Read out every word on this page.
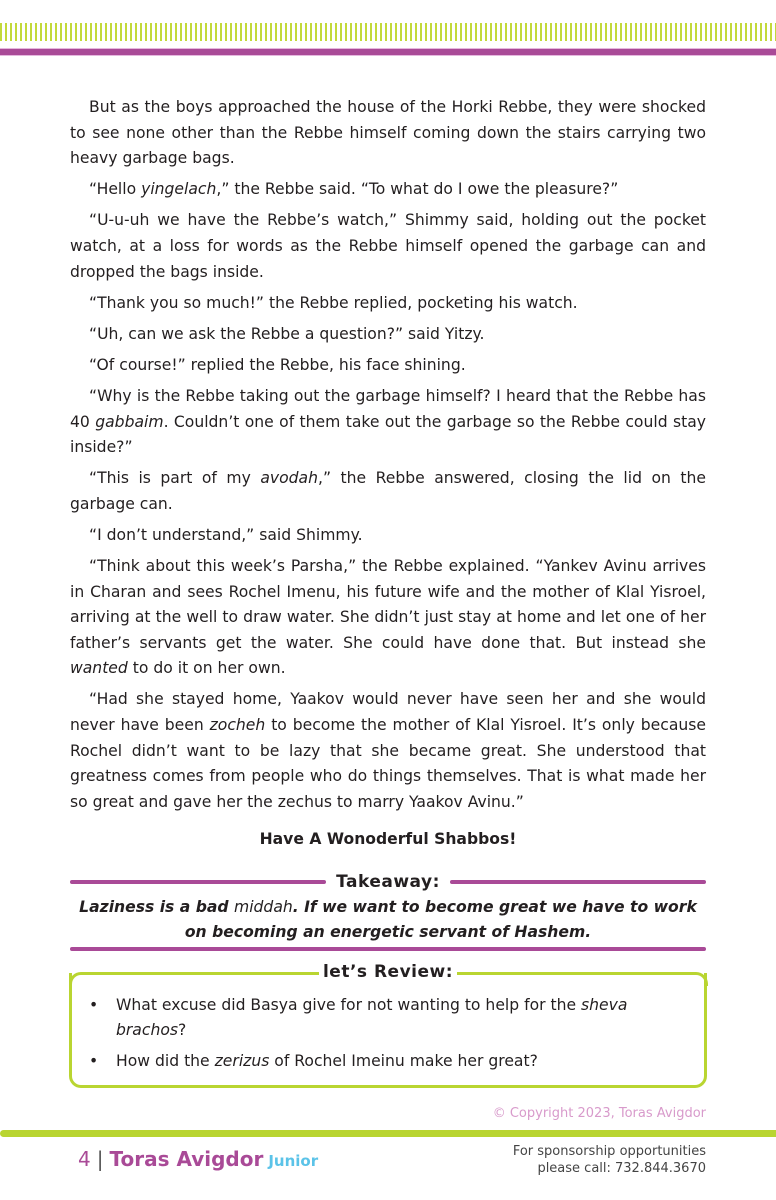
But as the boys approached the house of the Horki Rebbe, they were shocked to see none other than the Rebbe himself coming down the stairs carrying two heavy garbage bags.

“Hello yingelach,” the Rebbe said. “To what do I owe the pleasure?”

“U-u-uh we have the Rebbe’s watch,” Shimmy said, holding out the pocket watch, at a loss for words as the Rebbe himself opened the garbage can and dropped the bags inside.

“Thank you so much!” the Rebbe replied, pocketing his watch.

“Uh, can we ask the Rebbe a question?” said Yitzy.

“Of course!” replied the Rebbe, his face shining.

“Why is the Rebbe taking out the garbage himself? I heard that the Rebbe has 40 gabbaim. Couldn’t one of them take out the garbage so the Rebbe could stay inside?”

“This is part of my avodah,” the Rebbe answered, closing the lid on the garbage can.

“I don’t understand,” said Shimmy.

“Think about this week’s Parsha,” the Rebbe explained. “Yankev Avinu arrives in Charan and sees Rochel Imenu, his future wife and the mother of Klal Yisroel, arriving at the well to draw water. She didn’t just stay at home and let one of her father’s servants get the water. She could have done that. But instead she wanted to do it on her own.

“Had she stayed home, Yaakov would never have seen her and she would never have been zocheh to become the mother of Klal Yisroel. It’s only because Rochel didn’t want to be lazy that she became great. She understood that greatness comes from people who do things themselves. That is what made her so great and gave her the zechus to marry Yaakov Avinu.”

Have A Wonoderful Shabbos!
Takeaway:
Laziness is a bad middah. If we want to become great we have to work on becoming an energetic servant of Hashem.
• What excuse did Basya give for not wanting to help for the sheva brachos?
• How did the zerizus of Rochel Imeinu make her great?
let’s Review:
© Copyright 2023, Toras Avigdor
4 | Toras Avigdor Junior
For sponsorship opportunities
please call: 732.844.3670
